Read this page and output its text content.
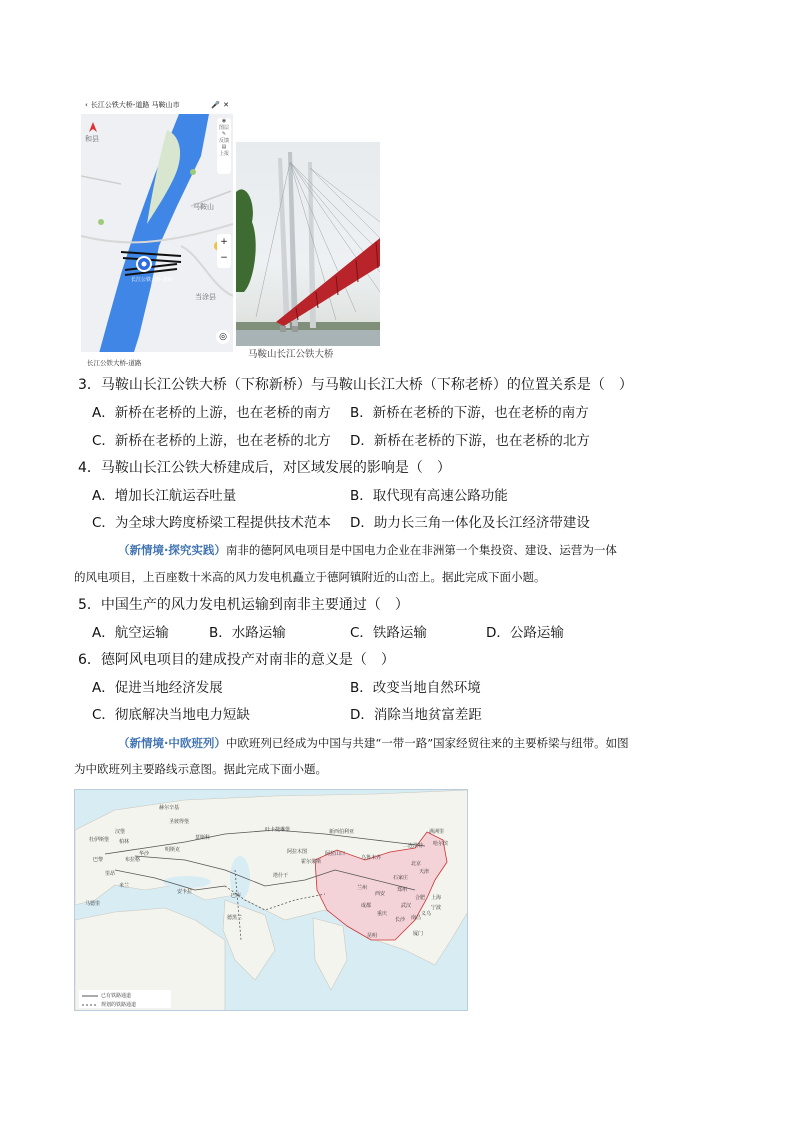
‹ 长江公铁大桥-道路 马鞍山市	🎤 ✕
和县
马鞍山
当涂县
长江公铁大桥-道路
◉
图层
✎
反馈
▤
上报
+
−
◎
长江公铁大桥-道路
马鞍山长江公铁大桥
3．马鞍山长江公铁大桥（下称新桥）与马鞍山长江大桥（下称老桥）的位置关系是（　）
A．新桥在老桥的上游，也在老桥的南方 B．新桥在老桥的下游，也在老桥的南方
C．新桥在老桥的上游，也在老桥的北方 D．新桥在老桥的下游，也在老桥的北方
4．马鞍山长江公铁大桥建成后，对区域发展的影响是（　）
A．增加长江航运吞吐量	B．取代现有高速公路功能
C．为全球大跨度桥梁工程提供技术范本 D．助力长三角一体化及长江经济带建设
（新情境·探究实践）南非的德阿风电项目是中国电力企业在非洲第一个集投资、建设、运营为一体
的风电项目，上百座数十米高的风力发电机矗立于德阿镇附近的山峦上。据此完成下面小题。
5．中国生产的风力发电机运输到南非主要通过（　）
A．航空运输	B．水路运输	C．铁路运输	D．公路运输
6．德阿风电项目的建成投产对南非的意义是（　）
A．促进当地经济发展	B．改变当地自然环境
C．彻底解决当地电力短缺	D．消除当地贫富差距
（新情境·中欧班列）中欧班列已经成为中国与共建“一带一路”国家经贸往来的主要桥梁与纽带。如图
为中欧班列主要路线示意图。据此完成下面小题。
赫尔辛基
圣彼得堡
莫斯科
叶卡捷琳堡	新西伯利亚
明斯克
华沙
柏林
汉堡
杜伊斯堡
布拉格
巴黎
马德里
里昂
米兰
安卡拉
巴库
德黑兰
塔什干
阿拉木图
霍尔果斯
阿拉山口
乌鲁木齐
二连浩特
满洲里
哈尔滨
北京
天津
石家庄
郑州
西安
兰州
成都
重庆
武汉
长沙 南昌
合肥 上海
宁波
厦门
义乌
昆明
已有铁路通道
规划的铁路通道
